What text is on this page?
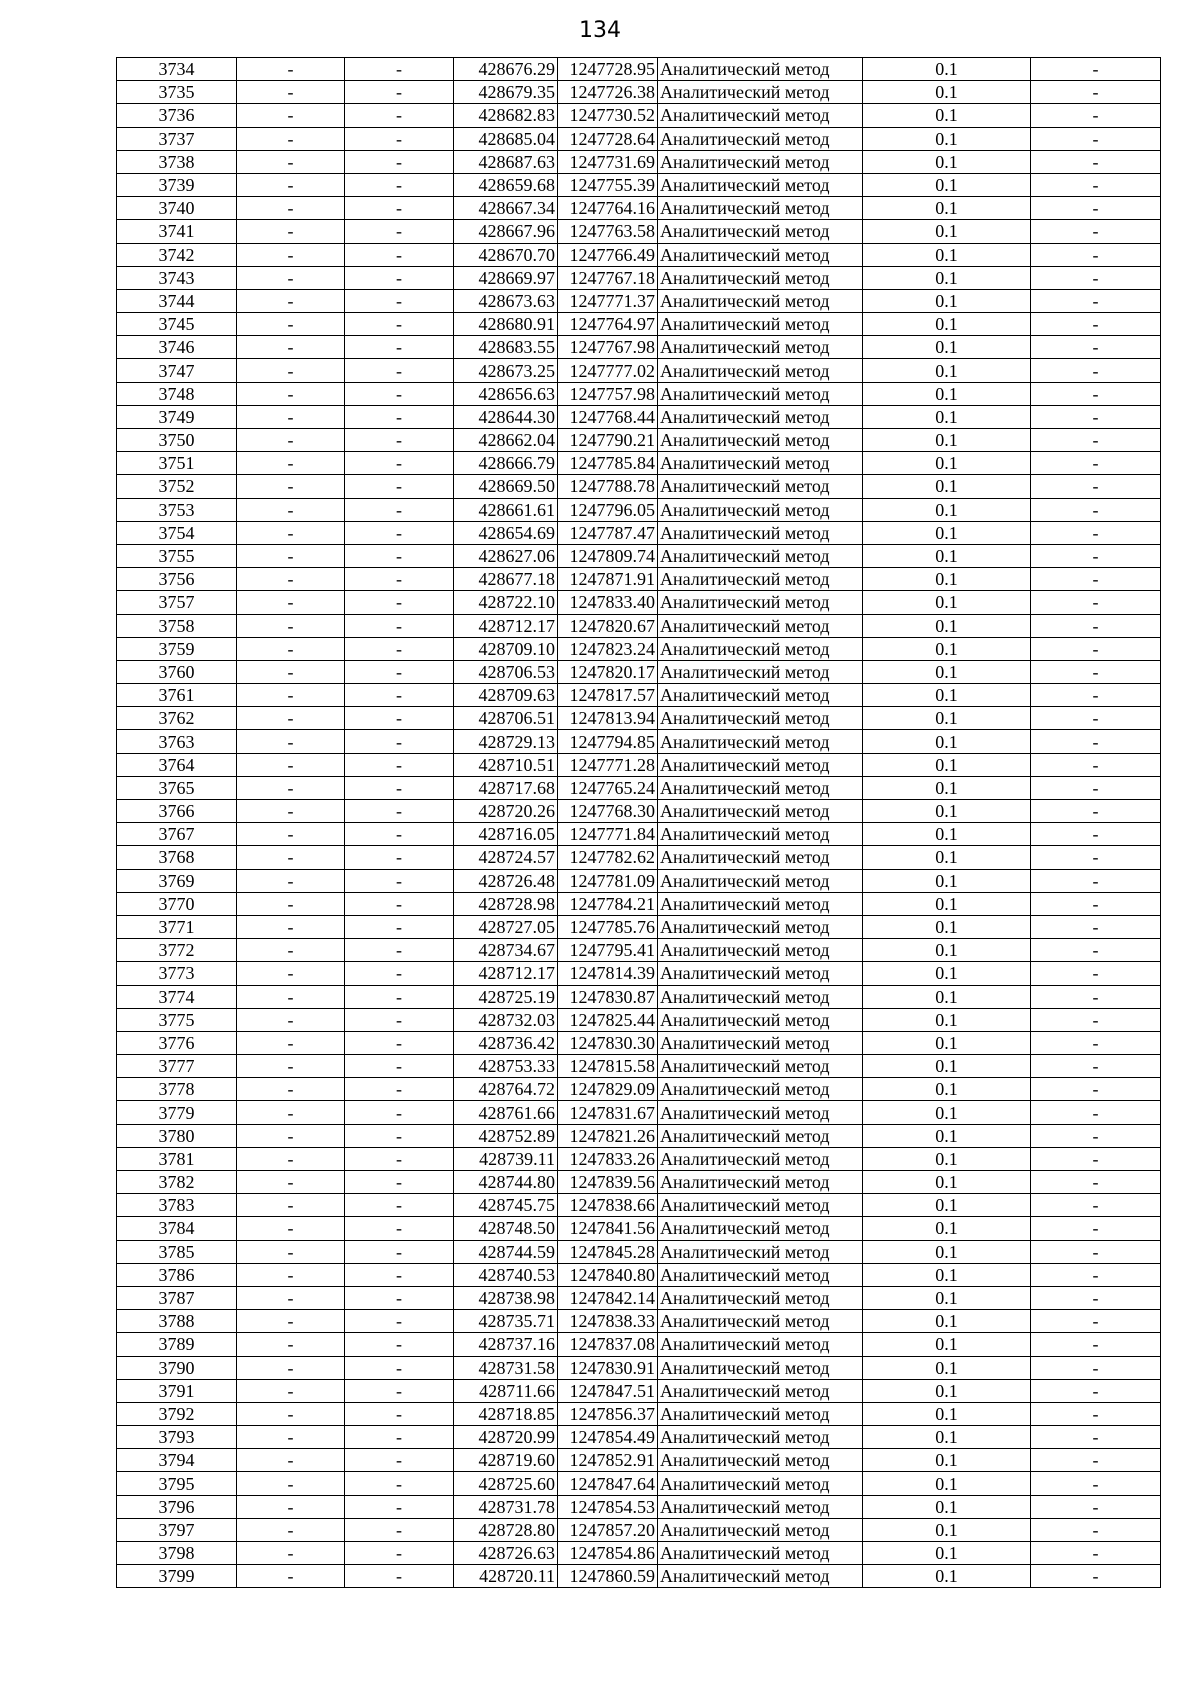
134
3734	-	-	428676.29	1247728.95	Аналитический метод	0.1	-
3735	-	-	428679.35	1247726.38	Аналитический метод	0.1	-
3736	-	-	428682.83	1247730.52	Аналитический метод	0.1	-
3737	-	-	428685.04	1247728.64	Аналитический метод	0.1	-
3738	-	-	428687.63	1247731.69	Аналитический метод	0.1	-
3739	-	-	428659.68	1247755.39	Аналитический метод	0.1	-
3740	-	-	428667.34	1247764.16	Аналитический метод	0.1	-
3741	-	-	428667.96	1247763.58	Аналитический метод	0.1	-
3742	-	-	428670.70	1247766.49	Аналитический метод	0.1	-
3743	-	-	428669.97	1247767.18	Аналитический метод	0.1	-
3744	-	-	428673.63	1247771.37	Аналитический метод	0.1	-
3745	-	-	428680.91	1247764.97	Аналитический метод	0.1	-
3746	-	-	428683.55	1247767.98	Аналитический метод	0.1	-
3747	-	-	428673.25	1247777.02	Аналитический метод	0.1	-
3748	-	-	428656.63	1247757.98	Аналитический метод	0.1	-
3749	-	-	428644.30	1247768.44	Аналитический метод	0.1	-
3750	-	-	428662.04	1247790.21	Аналитический метод	0.1	-
3751	-	-	428666.79	1247785.84	Аналитический метод	0.1	-
3752	-	-	428669.50	1247788.78	Аналитический метод	0.1	-
3753	-	-	428661.61	1247796.05	Аналитический метод	0.1	-
3754	-	-	428654.69	1247787.47	Аналитический метод	0.1	-
3755	-	-	428627.06	1247809.74	Аналитический метод	0.1	-
3756	-	-	428677.18	1247871.91	Аналитический метод	0.1	-
3757	-	-	428722.10	1247833.40	Аналитический метод	0.1	-
3758	-	-	428712.17	1247820.67	Аналитический метод	0.1	-
3759	-	-	428709.10	1247823.24	Аналитический метод	0.1	-
3760	-	-	428706.53	1247820.17	Аналитический метод	0.1	-
3761	-	-	428709.63	1247817.57	Аналитический метод	0.1	-
3762	-	-	428706.51	1247813.94	Аналитический метод	0.1	-
3763	-	-	428729.13	1247794.85	Аналитический метод	0.1	-
3764	-	-	428710.51	1247771.28	Аналитический метод	0.1	-
3765	-	-	428717.68	1247765.24	Аналитический метод	0.1	-
3766	-	-	428720.26	1247768.30	Аналитический метод	0.1	-
3767	-	-	428716.05	1247771.84	Аналитический метод	0.1	-
3768	-	-	428724.57	1247782.62	Аналитический метод	0.1	-
3769	-	-	428726.48	1247781.09	Аналитический метод	0.1	-
3770	-	-	428728.98	1247784.21	Аналитический метод	0.1	-
3771	-	-	428727.05	1247785.76	Аналитический метод	0.1	-
3772	-	-	428734.67	1247795.41	Аналитический метод	0.1	-
3773	-	-	428712.17	1247814.39	Аналитический метод	0.1	-
3774	-	-	428725.19	1247830.87	Аналитический метод	0.1	-
3775	-	-	428732.03	1247825.44	Аналитический метод	0.1	-
3776	-	-	428736.42	1247830.30	Аналитический метод	0.1	-
3777	-	-	428753.33	1247815.58	Аналитический метод	0.1	-
3778	-	-	428764.72	1247829.09	Аналитический метод	0.1	-
3779	-	-	428761.66	1247831.67	Аналитический метод	0.1	-
3780	-	-	428752.89	1247821.26	Аналитический метод	0.1	-
3781	-	-	428739.11	1247833.26	Аналитический метод	0.1	-
3782	-	-	428744.80	1247839.56	Аналитический метод	0.1	-
3783	-	-	428745.75	1247838.66	Аналитический метод	0.1	-
3784	-	-	428748.50	1247841.56	Аналитический метод	0.1	-
3785	-	-	428744.59	1247845.28	Аналитический метод	0.1	-
3786	-	-	428740.53	1247840.80	Аналитический метод	0.1	-
3787	-	-	428738.98	1247842.14	Аналитический метод	0.1	-
3788	-	-	428735.71	1247838.33	Аналитический метод	0.1	-
3789	-	-	428737.16	1247837.08	Аналитический метод	0.1	-
3790	-	-	428731.58	1247830.91	Аналитический метод	0.1	-
3791	-	-	428711.66	1247847.51	Аналитический метод	0.1	-
3792	-	-	428718.85	1247856.37	Аналитический метод	0.1	-
3793	-	-	428720.99	1247854.49	Аналитический метод	0.1	-
3794	-	-	428719.60	1247852.91	Аналитический метод	0.1	-
3795	-	-	428725.60	1247847.64	Аналитический метод	0.1	-
3796	-	-	428731.78	1247854.53	Аналитический метод	0.1	-
3797	-	-	428728.80	1247857.20	Аналитический метод	0.1	-
3798	-	-	428726.63	1247854.86	Аналитический метод	0.1	-
3799	-	-	428720.11	1247860.59	Аналитический метод	0.1	-
